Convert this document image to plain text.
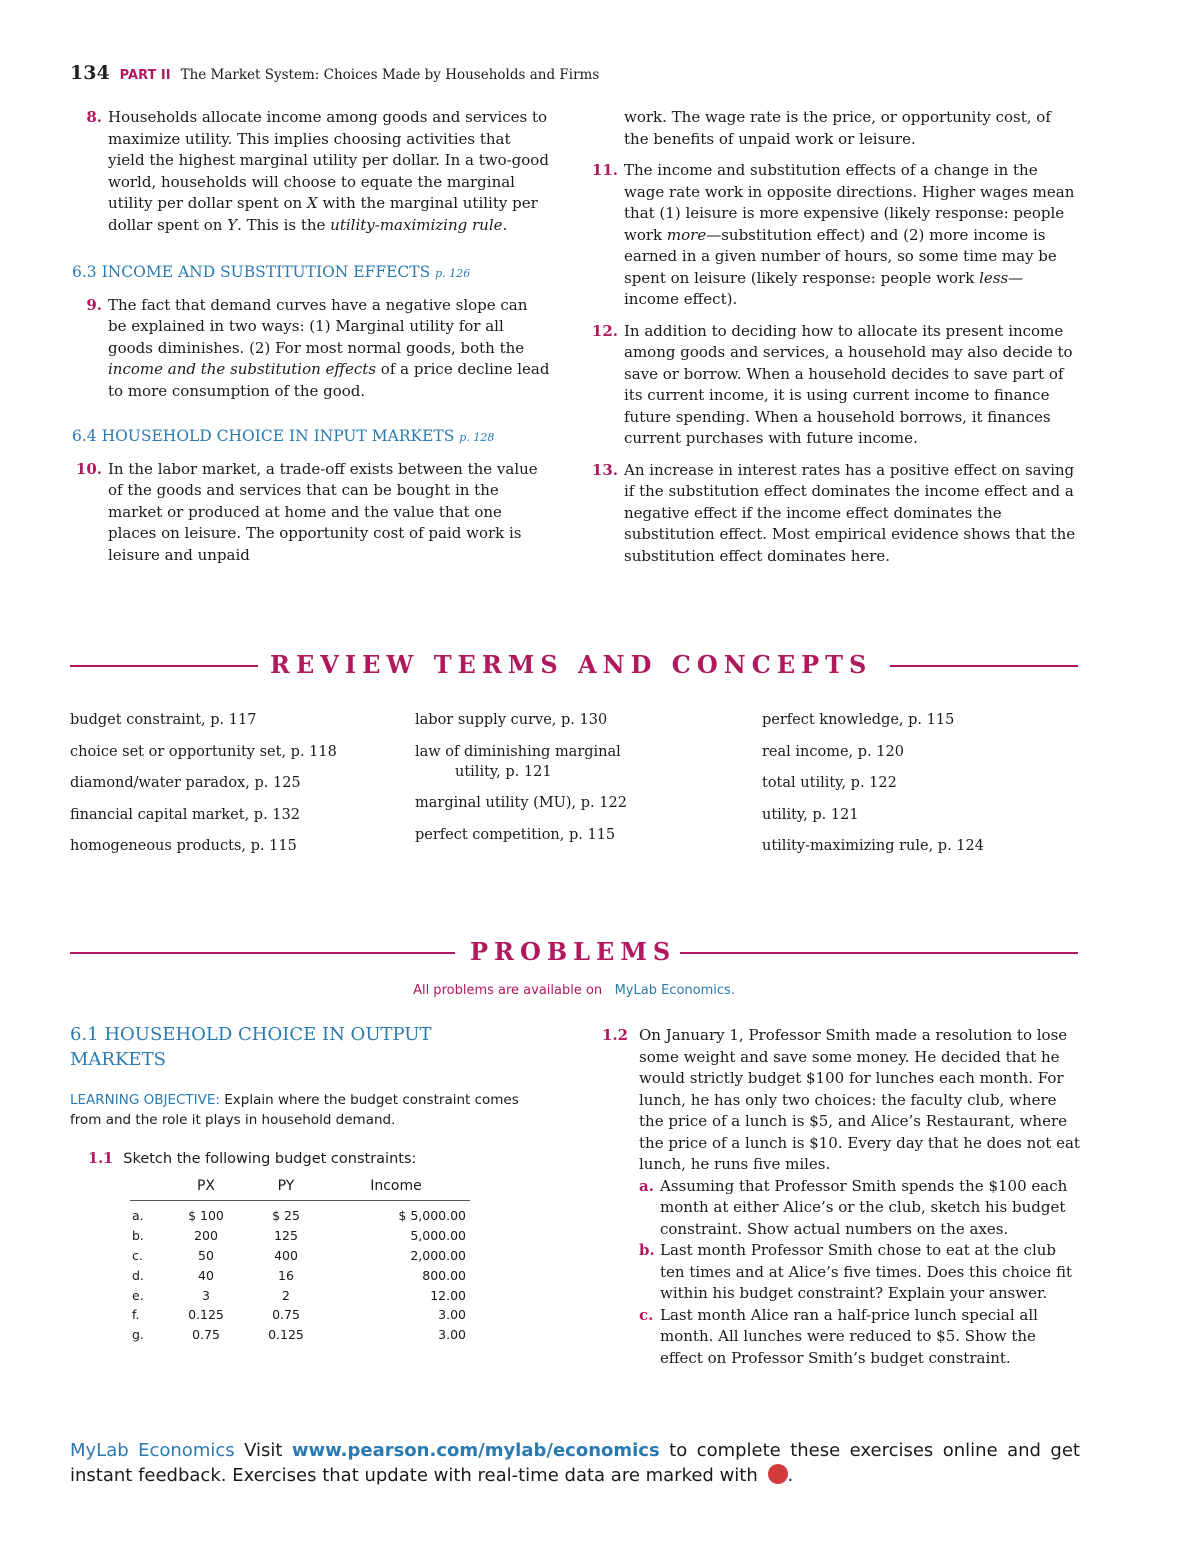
134 PART II The Market System: Choices Made by Households and Firms
8. Households allocate income among goods and services to maximize utility. This implies choosing activities that yield the highest marginal utility per dollar. In a two-good world, households will choose to equate the marginal utility per dollar spent on X with the marginal utility per dollar spent on Y. This is the utility-maximizing rule.
6.3 INCOME AND SUBSTITUTION EFFECTS p. 126
9. The fact that demand curves have a negative slope can be explained in two ways: (1) Marginal utility for all goods diminishes. (2) For most normal goods, both the income and the substitution effects of a price decline lead to more consumption of the good.
6.4 HOUSEHOLD CHOICE IN INPUT MARKETS p. 128
10. In the labor market, a trade-off exists between the value of the goods and services that can be bought in the market or produced at home and the value that one places on leisure. The opportunity cost of paid work is leisure and unpaid
work. The wage rate is the price, or opportunity cost, of the benefits of unpaid work or leisure.
11. The income and substitution effects of a change in the wage rate work in opposite directions. Higher wages mean that (1) leisure is more expensive (likely response: people work more—substitution effect) and (2) more income is earned in a given number of hours, so some time may be spent on leisure (likely response: people work less—income effect).
12. In addition to deciding how to allocate its present income among goods and services, a household may also decide to save or borrow. When a household decides to save part of its current income, it is using current income to finance future spending. When a household borrows, it finances current purchases with future income.
13. An increase in interest rates has a positive effect on saving if the substitution effect dominates the income effect and a negative effect if the income effect dominates the substitution effect. Most empirical evidence shows that the substitution effect dominates here.
REVIEW TERMS AND CONCEPTS
budget constraint, p. 117
choice set or opportunity set, p. 118
diamond/water paradox, p. 125
financial capital market, p. 132
homogeneous products, p. 115
labor supply curve, p. 130
law of diminishing marginal
utility, p. 121
marginal utility (MU), p. 122
perfect competition, p. 115
perfect knowledge, p. 115
real income, p. 120
total utility, p. 122
utility, p. 121
utility-maximizing rule, p. 124
PROBLEMS
All problems are available on MyLab Economics.
6.1 HOUSEHOLD CHOICE IN OUTPUT MARKETS
LEARNING OBJECTIVE: Explain where the budget constraint comes from and the role it plays in household demand.
1.1 Sketch the following budget constraints:
	PX	PY	Income
a.	$ 100	$ 25	$ 5,000.00
b.	200	125	5,000.00
c.	50	400	2,000.00
d.	40	16	800.00
e.	3	2	12.00
f.	0.125	0.75	3.00
g.	0.75	0.125	3.00
1.2 On January 1, Professor Smith made a resolution to lose some weight and save some money. He decided that he would strictly budget $100 for lunches each month. For lunch, he has only two choices: the faculty club, where the price of a lunch is $5, and Alice’s Restaurant, where the price of a lunch is $10. Every day that he does not eat lunch, he runs five miles.
a. Assuming that Professor Smith spends the $100 each month at either Alice’s or the club, sketch his budget constraint. Show actual numbers on the axes.
b. Last month Professor Smith chose to eat at the club ten times and at Alice’s five times. Does this choice fit within his budget constraint? Explain your answer.
c. Last month Alice ran a half-price lunch special all month. All lunches were reduced to $5. Show the effect on Professor Smith’s budget constraint.
MyLab Economics Visit www.pearson.com/mylab/economics to complete these exercises online and get instant feedback. Exercises that update with real-time data are marked with .
